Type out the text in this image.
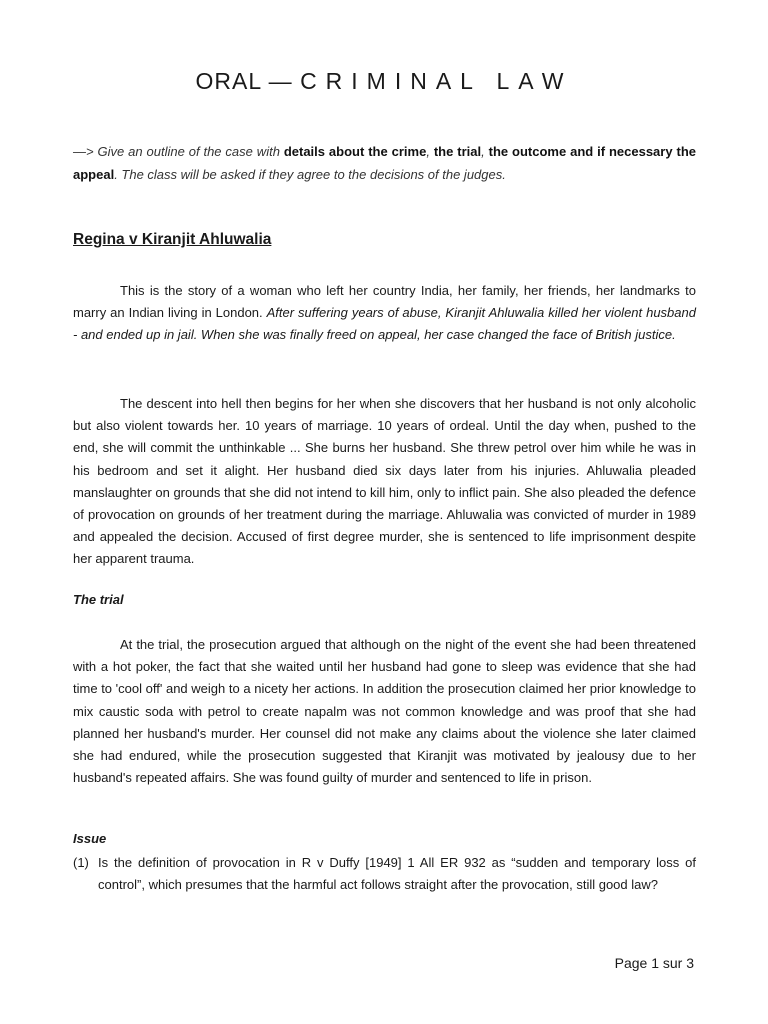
ORAL — CRIMINAL LAW

—> Give an outline of the case with details about the crime, the trial, the outcome and if necessary the appeal. The class will be asked if they agree to the decisions of the judges.

Regina v Kiranjit Ahluwalia

This is the story of a woman who left her country India, her family, her friends, her landmarks to marry an Indian living in London. After suffering years of abuse, Kiranjit Ahluwalia killed her violent husband - and ended up in jail. When she was finally freed on appeal, her case changed the face of British justice.

The descent into hell then begins for her when she discovers that her husband is not only alcoholic but also violent towards her. 10 years of marriage. 10 years of ordeal. Until the day when, pushed to the end, she will commit the unthinkable ... She burns her husband. She threw petrol over him while he was in his bedroom and set it alight. Her husband died six days later from his injuries. Ahluwalia pleaded manslaughter on grounds that she did not intend to kill him, only to inflict pain. She also pleaded the defence of provocation on grounds of her treatment during the marriage. Ahluwalia was convicted of murder in 1989 and appealed the decision. Accused of first degree murder, she is sentenced to life imprisonment despite her apparent trauma.

The trial

At the trial, the prosecution argued that although on the night of the event she had been threatened with a hot poker, the fact that she waited until her husband had gone to sleep was evidence that she had time to 'cool off' and weigh to a nicety her actions. In addition the prosecution claimed her prior knowledge to mix caustic soda with petrol to create napalm was not common knowledge and was proof that she had planned her husband's murder. Her counsel did not make any claims about the violence she later claimed she had endured, while the prosecution suggested that Kiranjit was motivated by jealousy due to her husband's repeated affairs. She was found guilty of murder and sentenced to life in prison.

Issue

(1) Is the definition of provocation in R v Duffy [1949] 1 All ER 932 as “sudden and temporary loss of control”, which presumes that the harmful act follows straight after the provocation, still good law?

Page 1 sur 3
